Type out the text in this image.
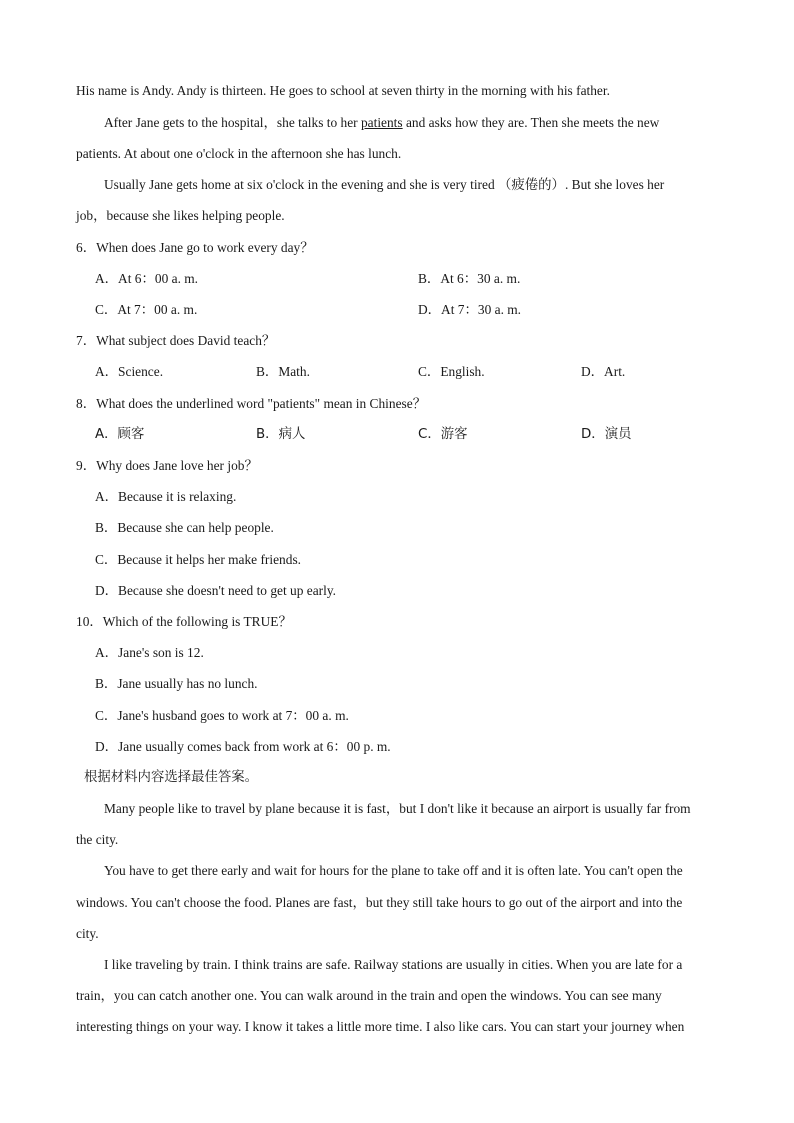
His name is Andy. Andy is thirteen. He goes to school at seven thirty in the morning with his father.
After Jane gets to the hospital，she talks to her patients and asks how they are. Then she meets the new
patients. At about one o'clock in the afternoon she has lunch.
Usually Jane gets home at six o'clock in the evening and she is very tired （疲倦的）. But she loves her
job，because she likes helping people.
6．When does Jane go to work every day？
A．At 6：00 a. m.	B．At 6：30 a. m.
C．At 7：00 a. m.	D．At 7：30 a. m.
7．What subject does David teach？
A．Science.	B．Math.	C．English.	D．Art.
8．What does the underlined word "patients" mean in Chinese？
A．顾客	B．病人	C．游客	D．演员
9．Why does Jane love her job？
A．Because it is relaxing.
B．Because she can help people.
C．Because it helps her make friends.
D．Because she doesn't need to get up early.
10．Which of the following is TRUE？
A．Jane's son is 12.
B．Jane usually has no lunch.
C．Jane's husband goes to work at 7：00 a. m.
D．Jane usually comes back from work at 6：00 p. m.
根据材料内容选择最佳答案。
Many people like to travel by plane because it is fast，but I don't like it because an airport is usually far from
the city.
You have to get there early and wait for hours for the plane to take off and it is often late. You can't open the
windows. You can't choose the food. Planes are fast，but they still take hours to go out of the airport and into the
city.
I like traveling by train. I think trains are safe. Railway stations are usually in cities. When you are late for a
train，you can catch another one. You can walk around in the train and open the windows. You can see many
interesting things on your way. I know it takes a little more time. I also like cars. You can start your journey when
